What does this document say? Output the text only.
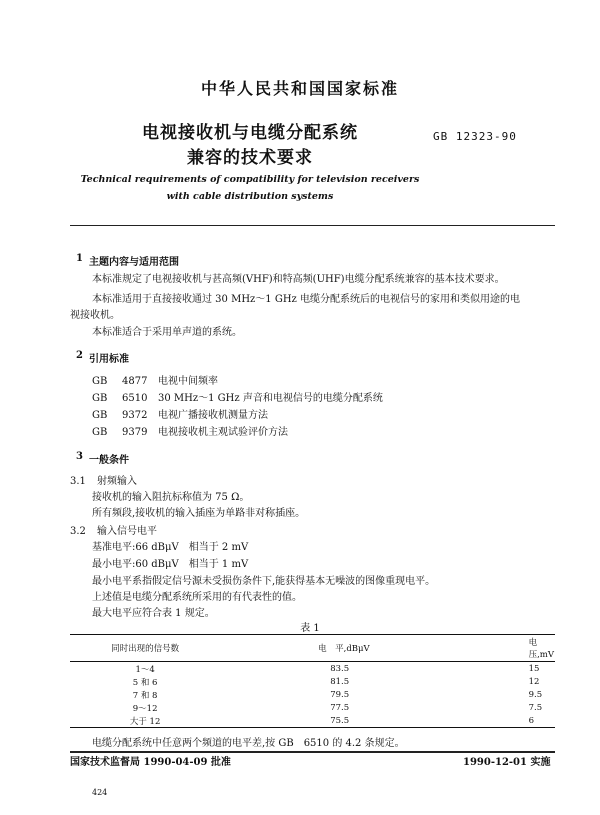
中华人民共和国国家标准
电视接收机与电缆分配系统
兼容的技术要求
GB 12323-90
Technical requirements of compatibility for television receivers
with cable distribution systems
1 主题内容与适用范围
本标准规定了电视接收机与甚高频(VHF)和特高频(UHF)电缆分配系统兼容的基本技术要求。
本标准适用于直接接收通过 30 MHz～1 GHz 电缆分配系统后的电视信号的家用和类似用途的电
视接收机。
本标准适合于采用单声道的系统。
2 引用标准
GB 4877　 电视中间频率
GB 6510　 30 MHz～1 GHz 声音和电视信号的电缆分配系统
GB 9372　 电视广播接收机测量方法
GB 9379　 电视接收机主观试验评价方法
3 一般条件
3.1 射频输入
接收机的输入阻抗标称值为 75 Ω。
所有频段,接收机的输入插座为单路非对称插座。
3.2 输入信号电平
基准电平:66 dBμV　相当于 2 mV
最小电平:60 dBμV　相当于 1 mV
最小电平系指假定信号源未受损伤条件下,能获得基本无噪波的图像重现电平。
上述值是电缆分配系统所采用的有代表性的值。
最大电平应符合表 1 规定。
表 1
同时出现的信号数	电　平,dBμV	电　压,mV
1～4	83.5	15
5 和 6	81.5	12
7 和 8	79.5	9.5
9～12	77.5	7.5
大于 12	75.5	6
电缆分配系统中任意两个频道的电平差,按 GB　6510 的 4.2 条规定。
国家技术监督局 1990-04-09 批准	1990-12-01 实施
424
